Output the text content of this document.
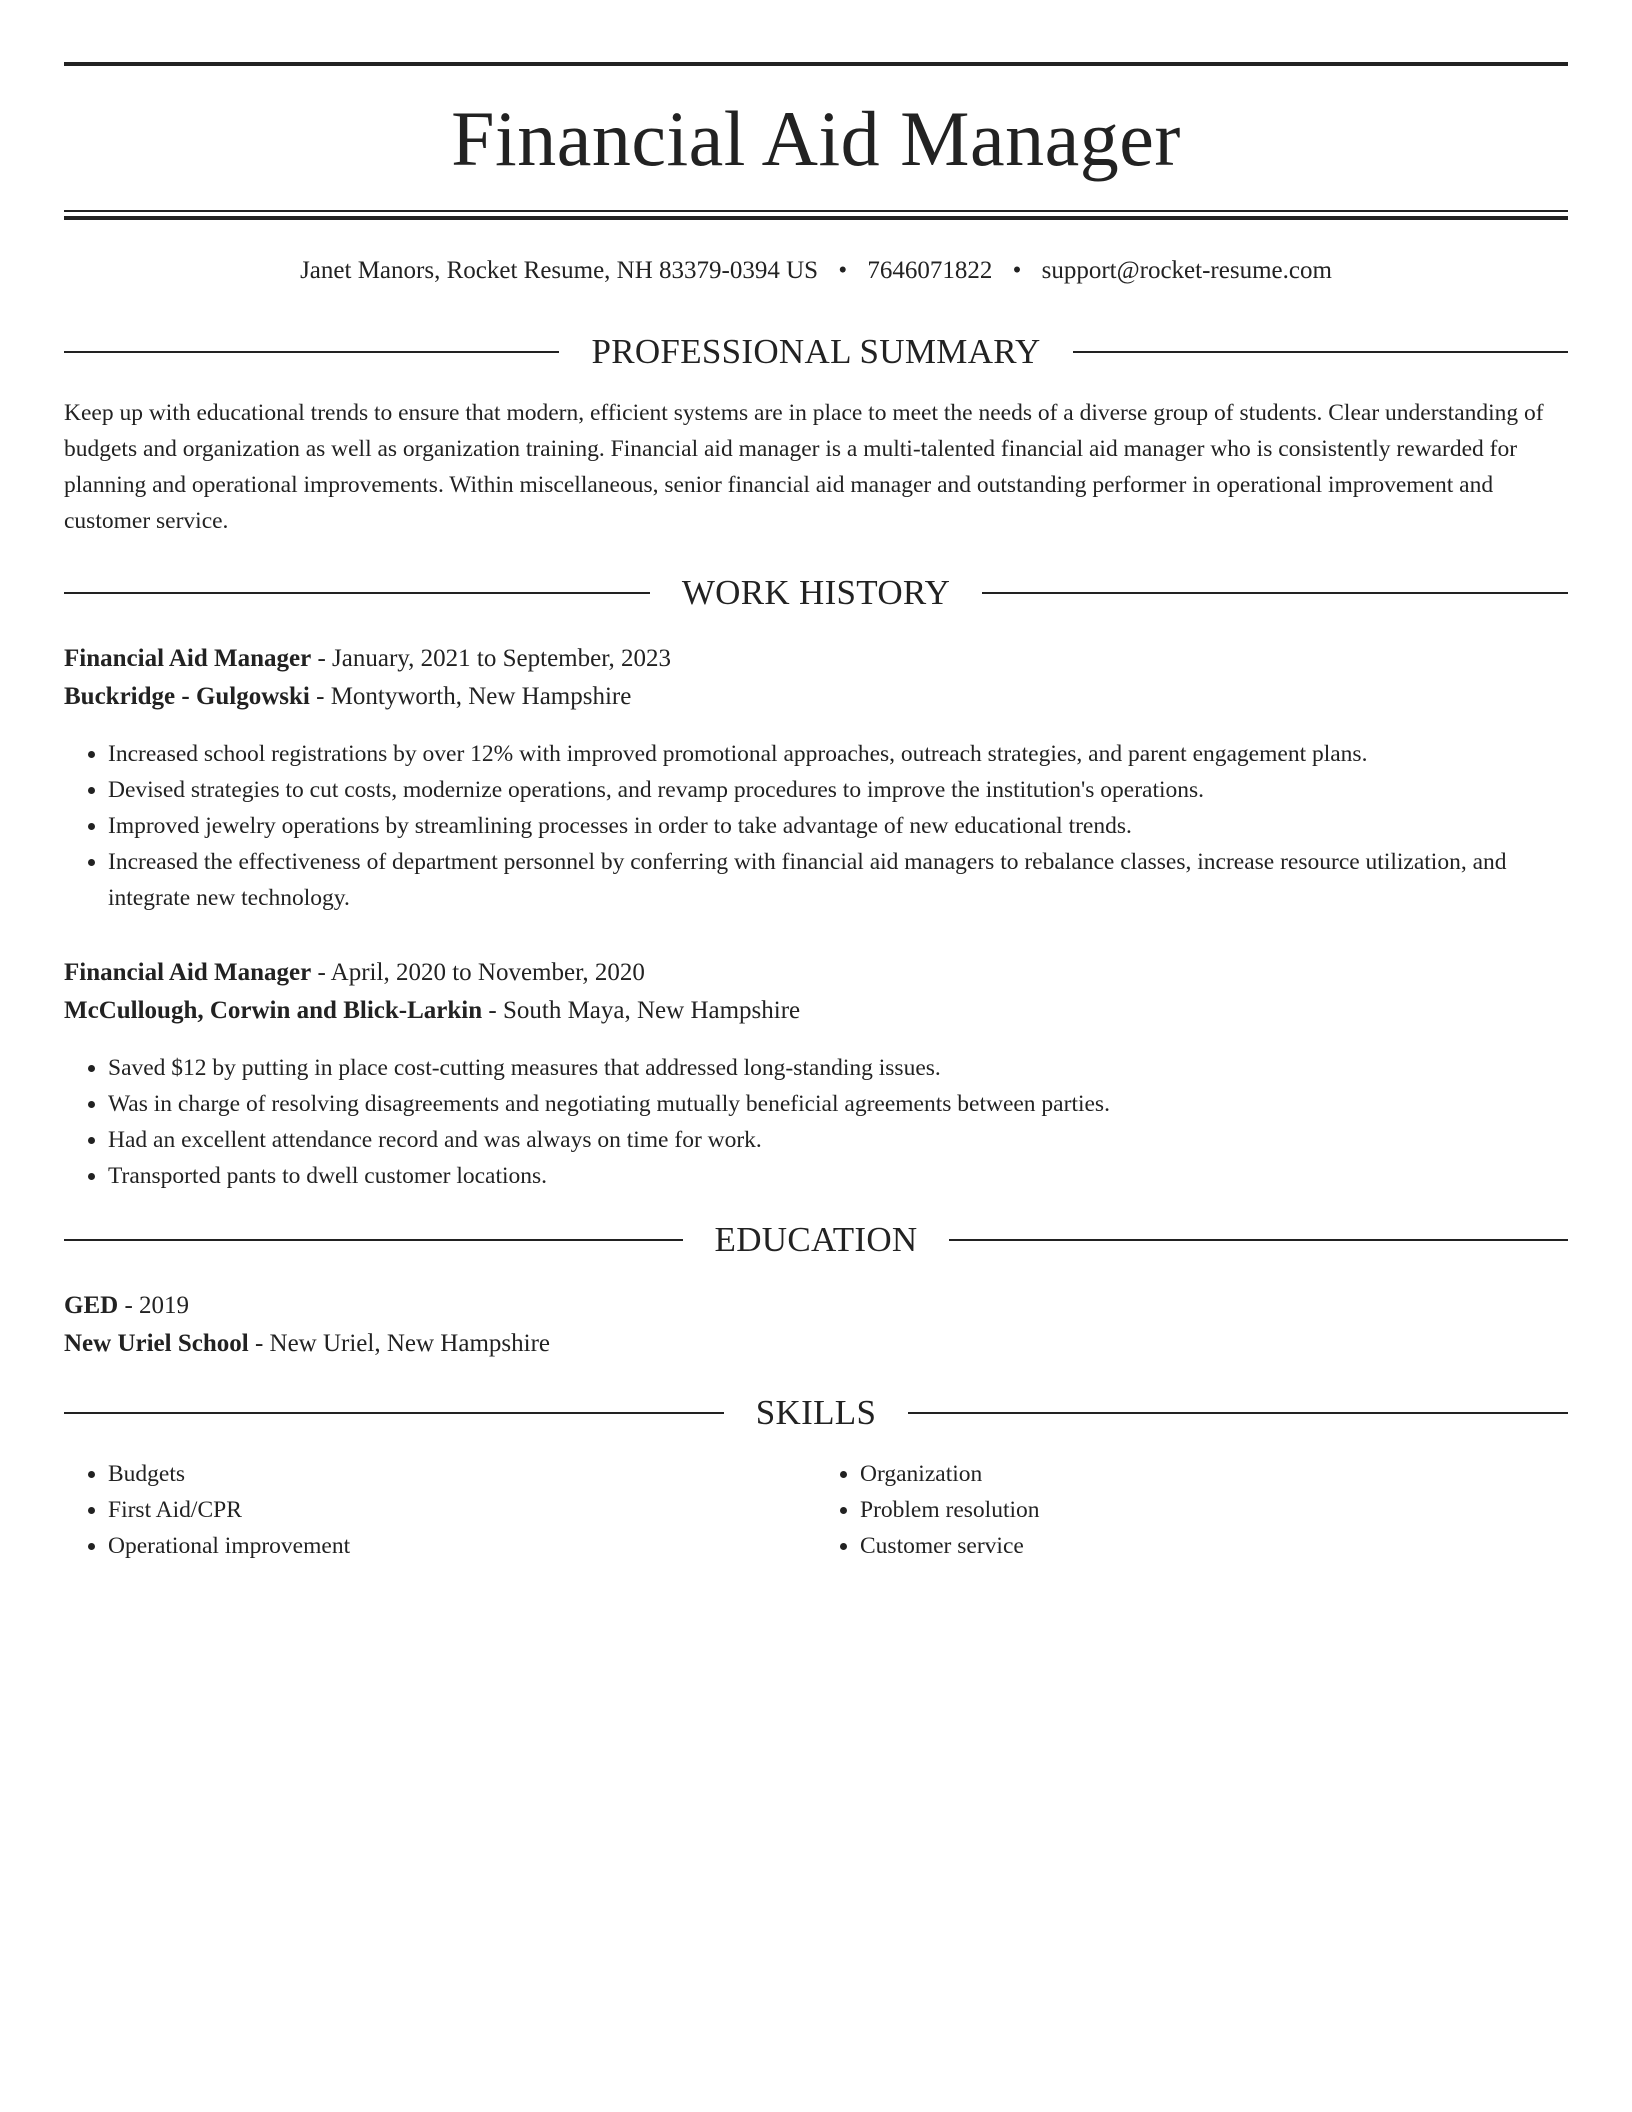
Financial Aid Manager
Janet Manors, Rocket Resume, NH 83379-0394 US • 7646071822 • support@rocket-resume.com
PROFESSIONAL SUMMARY
Keep up with educational trends to ensure that modern, efficient systems are in place to meet the needs of a diverse group of students. Clear understanding of budgets and organization as well as organization training. Financial aid manager is a multi-talented financial aid manager who is consistently rewarded for planning and operational improvements. Within miscellaneous, senior financial aid manager and outstanding performer in operational improvement and customer service.
WORK HISTORY
Financial Aid Manager - January, 2021 to September, 2023
Buckridge - Gulgowski - Montyworth, New Hampshire
• Increased school registrations by over 12% with improved promotional approaches, outreach strategies, and parent engagement plans.
• Devised strategies to cut costs, modernize operations, and revamp procedures to improve the institution's operations.
• Improved jewelry operations by streamlining processes in order to take advantage of new educational trends.
• Increased the effectiveness of department personnel by conferring with financial aid managers to rebalance classes, increase resource utilization, and integrate new technology.
Financial Aid Manager - April, 2020 to November, 2020
McCullough, Corwin and Blick-Larkin - South Maya, New Hampshire
• Saved $12 by putting in place cost-cutting measures that addressed long-standing issues.
• Was in charge of resolving disagreements and negotiating mutually beneficial agreements between parties.
• Had an excellent attendance record and was always on time for work.
• Transported pants to dwell customer locations.
EDUCATION
GED - 2019
New Uriel School - New Uriel, New Hampshire
SKILLS
• Budgets
• First Aid/CPR
• Operational improvement
• Organization
• Problem resolution
• Customer service
